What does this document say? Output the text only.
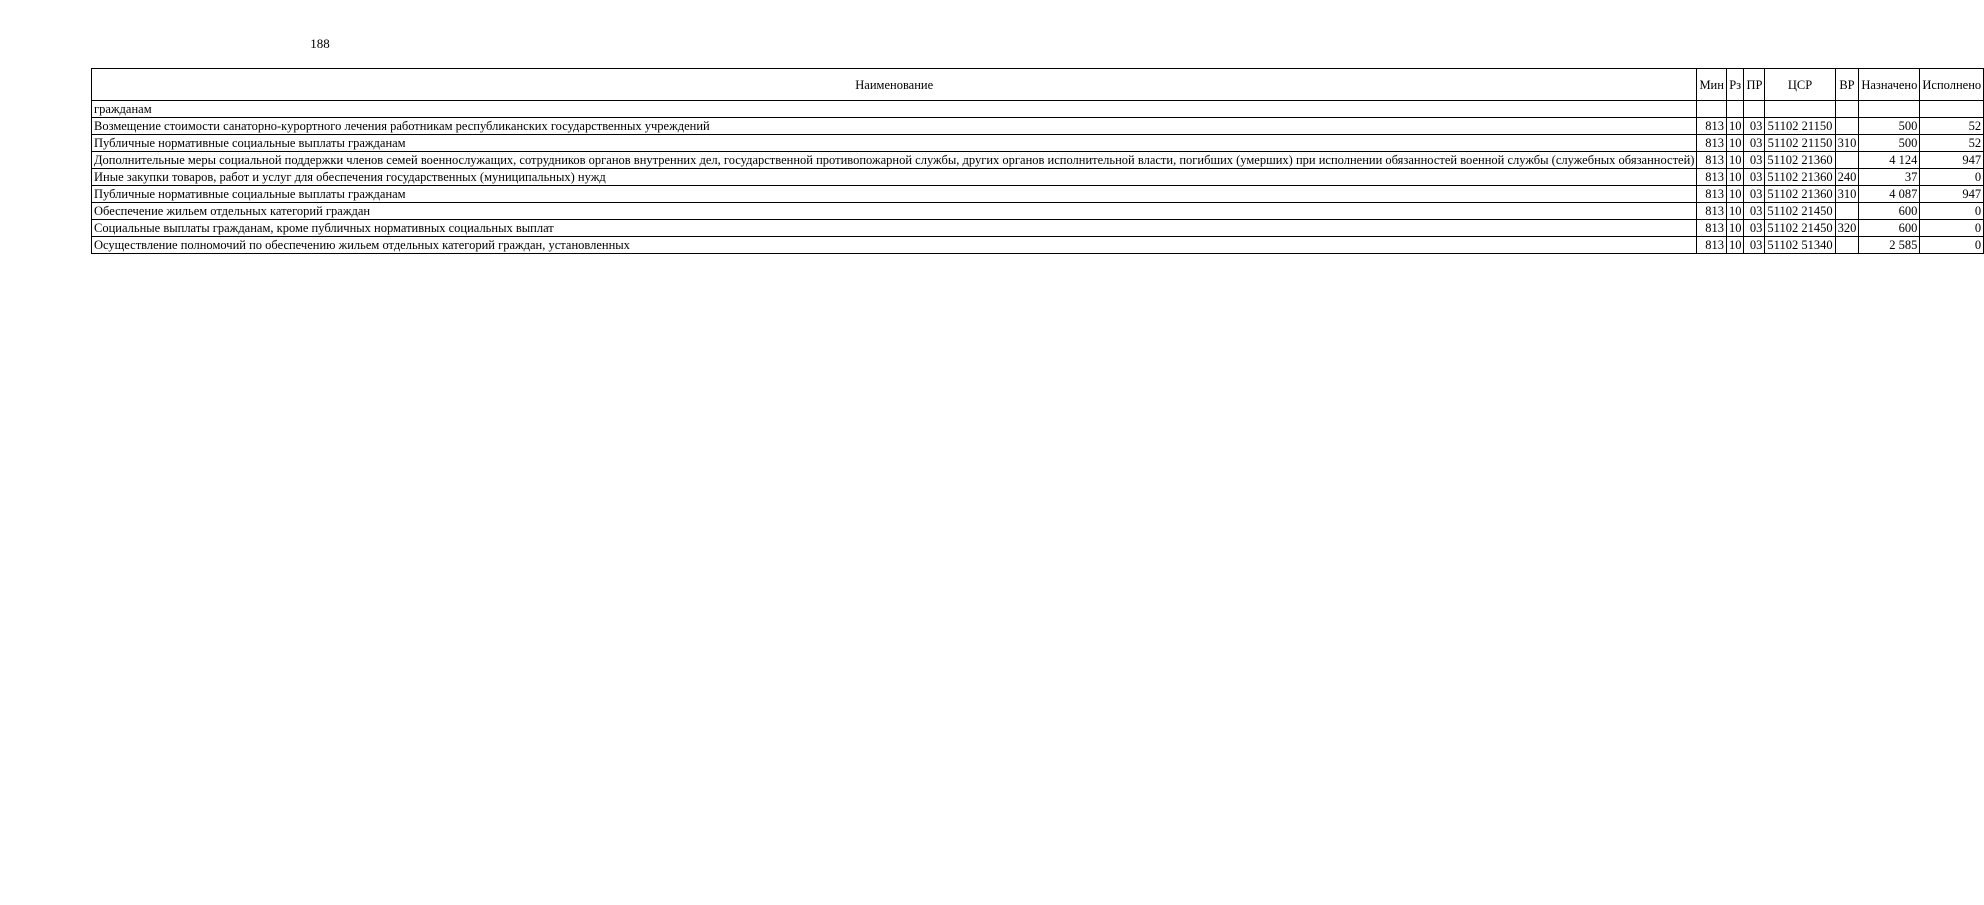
188
Наименование	Мин	Рз	ПР	ЦСР	ВР	Назначено	Исполнено
гражданам							
Возмещение стоимости санаторно-курортного лечения работникам республиканских государственных учреждений	813	10	03	51102 21150		500	52
Публичные нормативные социальные выплаты гражданам	813	10	03	51102 21150	310	500	52
Дополнительные меры социальной поддержки членов семей военнослужащих, сотрудников органов внутренних дел, государственной противопожарной службы, других органов исполнительной власти, погибших (умерших) при исполнении обязанностей военной службы (служебных обязанностей)	813	10	03	51102 21360		4 124	947
Иные закупки товаров, работ и услуг для обеспечения государственных (муниципальных) нужд	813	10	03	51102 21360	240	37	0
Публичные нормативные социальные выплаты гражданам	813	10	03	51102 21360	310	4 087	947
Обеспечение жильем отдельных категорий граждан	813	10	03	51102 21450		600	0
Социальные выплаты гражданам, кроме публичных нормативных социальных выплат	813	10	03	51102 21450	320	600	0
Осуществление полномочий по обеспечению жильем отдельных категорий граждан, установленных	813	10	03	51102 51340		2 585	0
